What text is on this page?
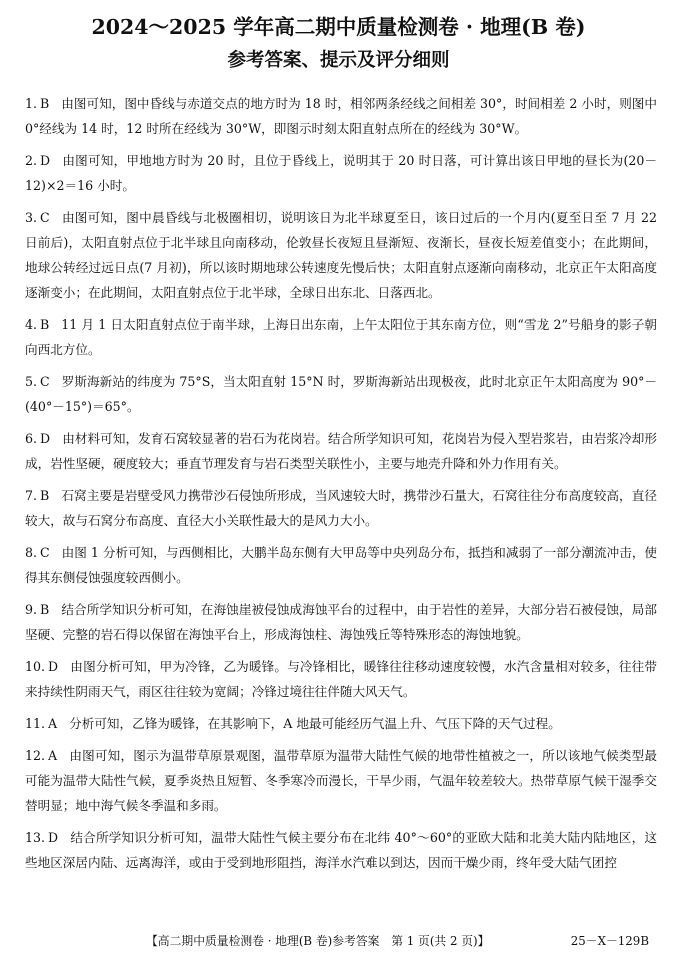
2024～2025 学年高二期中质量检测卷 · 地理(B 卷)
参考答案、提示及评分细则
1. B 由图可知，图中昏线与赤道交点的地方时为 18 时，相邻两条经线之间相差 30°，时间相差 2 小时，则图中 0°经线为 14 时，12 时所在经线为 30°W，即图示时刻太阳直射点所在的经线为 30°W。
2. D 由图可知，甲地地方时为 20 时，且位于昏线上，说明其于 20 时日落，可计算出该日甲地的昼长为(20－12)×2＝16 小时。
3. C 由图可知，图中晨昏线与北极圈相切，说明该日为北半球夏至日，该日过后的一个月内(夏至日至 7 月 22 日前后)，太阳直射点位于北半球且向南移动，伦敦昼长夜短且昼渐短、夜渐长，昼夜长短差值变小；在此期间，地球公转经过远日点(7 月初)，所以该时期地球公转速度先慢后快；太阳直射点逐渐向南移动，北京正午太阳高度逐渐变小；在此期间，太阳直射点位于北半球，全球日出东北、日落西北。
4. B 11 月 1 日太阳直射点位于南半球，上海日出东南，上午太阳位于其东南方位，则“雪龙 2”号船身的影子朝向西北方位。
5. C 罗斯海新站的纬度为 75°S，当太阳直射 15°N 时，罗斯海新站出现极夜，此时北京正午太阳高度为 90°－(40°－15°)＝65°。
6. D 由材料可知，发育石窝较显著的岩石为花岗岩。结合所学知识可知，花岗岩为侵入型岩浆岩，由岩浆冷却形成，岩性坚硬，硬度较大；垂直节理发育与岩石类型关联性小，主要与地壳升降和外力作用有关。
7. B 石窝主要是岩壁受风力携带沙石侵蚀所形成，当风速较大时，携带沙石量大，石窝往往分布高度较高，直径较大，故与石窝分布高度、直径大小关联性最大的是风力大小。
8. C 由图 1 分析可知，与西侧相比，大鹏半岛东侧有大甲岛等中央列岛分布，抵挡和减弱了一部分潮流冲击，使得其东侧侵蚀强度较西侧小。
9. B 结合所学知识分析可知，在海蚀崖被侵蚀成海蚀平台的过程中，由于岩性的差异，大部分岩石被侵蚀，局部坚硬、完整的岩石得以保留在海蚀平台上，形成海蚀柱、海蚀残丘等特殊形态的海蚀地貌。
10. D 由图分析可知，甲为冷锋，乙为暖锋。与冷锋相比，暖锋往往移动速度较慢，水汽含量相对较多，往往带来持续性阴雨天气，雨区往往较为宽阔；冷锋过境往往伴随大风天气。
11. A 分析可知，乙锋为暖锋，在其影响下，A 地最可能经历气温上升、气压下降的天气过程。
12. A 由图可知，图示为温带草原景观图，温带草原为温带大陆性气候的地带性植被之一，所以该地气候类型最可能为温带大陆性气候，夏季炎热且短暂、冬季寒冷而漫长，干旱少雨，气温年较差较大。热带草原气候干湿季交替明显；地中海气候冬季温和多雨。
13. D 结合所学知识分析可知，温带大陆性气候主要分布在北纬 40°～60°的亚欧大陆和北美大陆内陆地区，这些地区深居内陆、远离海洋，或由于受到地形阻挡，海洋水汽难以到达，因而干燥少雨，终年受大陆气团控
【高二期中质量检测卷 · 地理(B 卷)参考答案　第 1 页(共 2 页)】	25－X－129B
